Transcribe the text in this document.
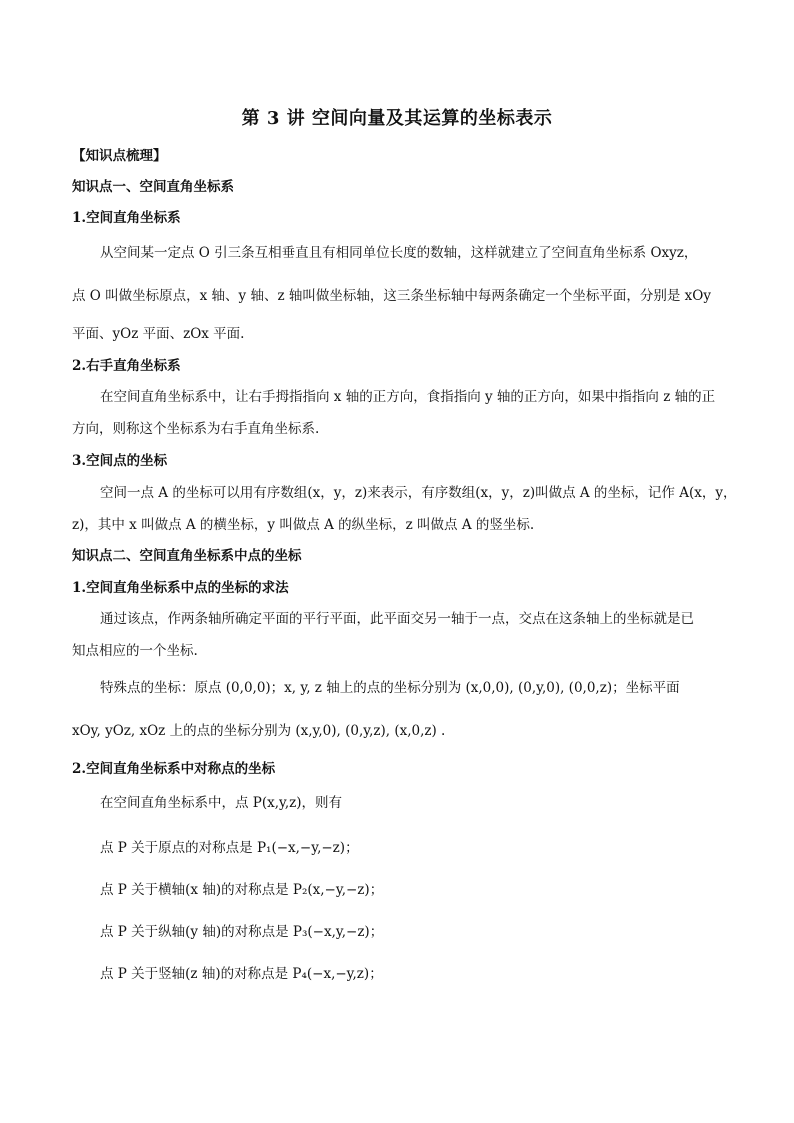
第 3 讲 空间向量及其运算的坐标表示
【知识点梳理】
知识点一、空间直角坐标系
1.空间直角坐标系
从空间某一定点 O 引三条互相垂直且有相同单位长度的数轴，这样就建立了空间直角坐标系 Oxyz，
点 O 叫做坐标原点，x 轴、y 轴、z 轴叫做坐标轴，这三条坐标轴中每两条确定一个坐标平面，分别是 xOy
平面、yOz 平面、zOx 平面.
2.右手直角坐标系
在空间直角坐标系中，让右手拇指指向 x 轴的正方向，食指指向 y 轴的正方向，如果中指指向 z 轴的正
方向，则称这个坐标系为右手直角坐标系.
3.空间点的坐标
空间一点 A 的坐标可以用有序数组(x，y，z)来表示，有序数组(x，y，z)叫做点 A 的坐标，记作 A(x，y，
z)，其中 x 叫做点 A 的横坐标，y 叫做点 A 的纵坐标，z 叫做点 A 的竖坐标.
知识点二、空间直角坐标系中点的坐标
1.空间直角坐标系中点的坐标的求法
通过该点，作两条轴所确定平面的平行平面，此平面交另一轴于一点，交点在这条轴上的坐标就是已
知点相应的一个坐标.
特殊点的坐标：原点 (0,0,0)；x, y, z 轴上的点的坐标分别为 (x,0,0), (0,y,0), (0,0,z)；坐标平面
xOy, yOz, xOz 上的点的坐标分别为 (x,y,0), (0,y,z), (x,0,z) .
2.空间直角坐标系中对称点的坐标
在空间直角坐标系中，点 P(x,y,z)，则有
点 P 关于原点的对称点是 P₁(−x,−y,−z)；
点 P 关于横轴(x 轴)的对称点是 P₂(x,−y,−z)；
点 P 关于纵轴(y 轴)的对称点是 P₃(−x,y,−z)；
点 P 关于竖轴(z 轴)的对称点是 P₄(−x,−y,z)；
